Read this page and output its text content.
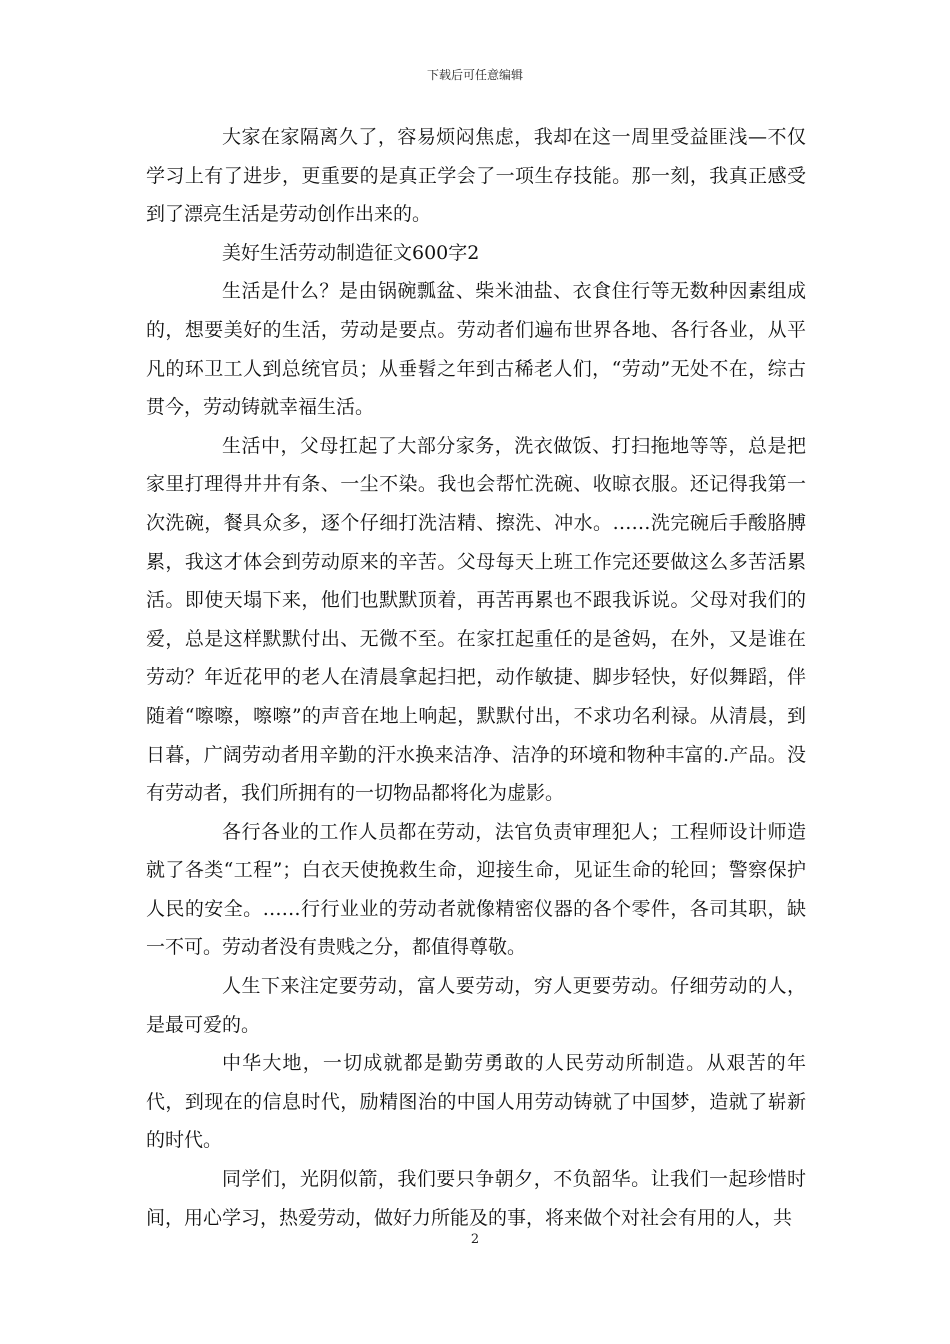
下载后可任意编辑

大家在家隔离久了，容易烦闷焦虑，我却在这一周里受益匪浅—不仅学习上有了进步，更重要的是真正学会了一项生存技能。那一刻，我真正感受到了漂亮生活是劳动创作出来的。

美好生活劳动制造征文600字2

生活是什么？是由锅碗瓢盆、柴米油盐、衣食住行等无数种因素组成的，想要美好的生活，劳动是要点。劳动者们遍布世界各地、各行各业，从平凡的环卫工人到总统官员；从垂髫之年到古稀老人们，“劳动”无处不在，综古贯今，劳动铸就幸福生活。

生活中，父母扛起了大部分家务，洗衣做饭、打扫拖地等等，总是把家里打理得井井有条、一尘不染。我也会帮忙洗碗、收晾衣服。还记得我第一次洗碗，餐具众多，逐个仔细打洗洁精、擦洗、冲水。……洗完碗后手酸胳膊累，我这才体会到劳动原来的辛苦。父母每天上班工作完还要做这么多苦活累活。即使天塌下来，他们也默默顶着，再苦再累也不跟我诉说。父母对我们的爱，总是这样默默付出、无微不至。在家扛起重任的是爸妈，在外，又是谁在劳动？年近花甲的老人在清晨拿起扫把，动作敏捷、脚步轻快，好似舞蹈，伴随着“嚓嚓，嚓嚓”的声音在地上响起，默默付出，不求功名利禄。从清晨，到日暮，广阔劳动者用辛勤的汗水换来洁净、洁净的环境和物种丰富的.产品。没有劳动者，我们所拥有的一切物品都将化为虚影。

各行各业的工作人员都在劳动，法官负责审理犯人；工程师设计师造就了各类“工程”；白衣天使挽救生命，迎接生命，见证生命的轮回；警察保护人民的安全。……行行业业的劳动者就像精密仪器的各个零件，各司其职，缺一不可。劳动者没有贵贱之分，都值得尊敬。

人生下来注定要劳动，富人要劳动，穷人更要劳动。仔细劳动的人，是最可爱的。

中华大地，一切成就都是勤劳勇敢的人民劳动所制造。从艰苦的年代，到现在的信息时代，励精图治的中国人用劳动铸就了中国梦，造就了崭新的时代。

同学们，光阴似箭，我们要只争朝夕，不负韶华。让我们一起珍惜时间，用心学习，热爱劳动，做好力所能及的事，将来做个对社会有用的人，共

2
